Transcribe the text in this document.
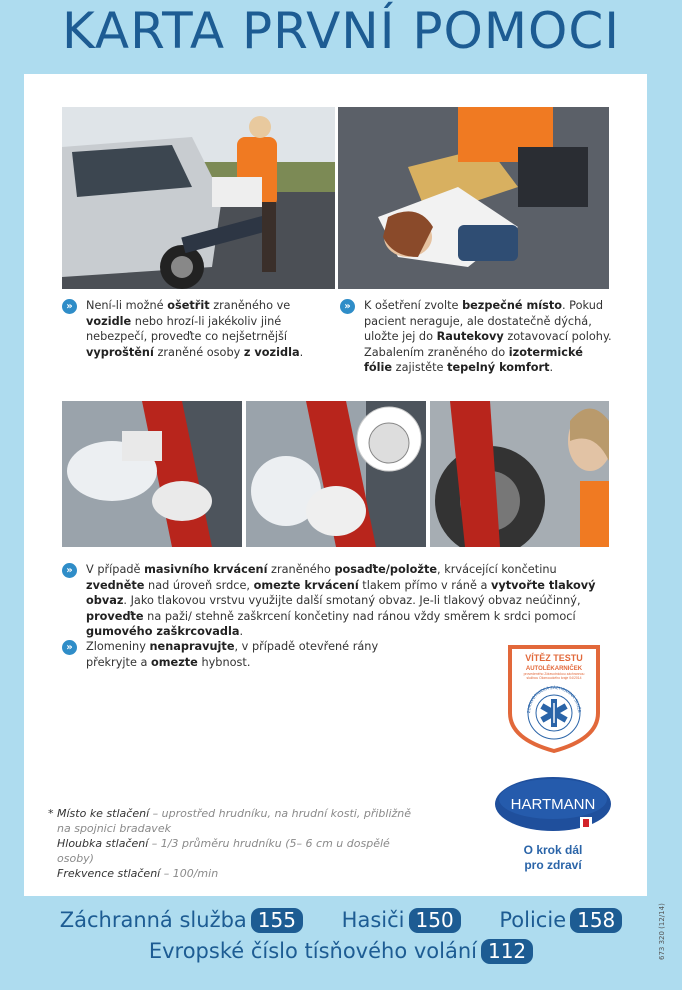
KARTA PRVNÍ POMOCI
»	Není-li možné ošetřit zraněného ve vozidle nebo hrozí-li jakékoliv jiné nebezpečí, proveďte co nejšetrnější vyproštění zraněné osoby z vozidla.
»	K ošetření zvolte bezpečné místo. Pokud pacient neraguje, ale dostatečně dýchá, uložte jej do Rautekovy zotavovací polohy. Zabalením zraněného do izotermické fólie zajistěte tepelný komfort.
»	V případě masivního krvácení zraněného posaďte/položte, krvácející končetinu zvedněte nad úroveň srdce, omezte krvácení tlakem přímo v ráně a vytvořte tlakový obvaz. Jako tlakovou vrstvu využijte další smotaný obvaz. Je-li tlakový obvaz neúčinný, proveďte na paži/ stehně zaškrcení končetiny nad ránou vždy směrem k srdci pomocí gumového zaškrcovadla.
»	Zlomeniny nenapravujte, v případě otevřené rány překryjte a omezte hybnost.	VÍTĚZ TESTU
AUTOLÉKARNIČEK
provedeného Zdravotnickou záchrannou službou Olomouckého kraje 04/2014
ZDRAVOTNICKÁ ZÁCHRANNÁ SLUŽB
* Místo ke stlačení – uprostřed hrudníku, na hrudní kosti, přibližně
na spojnici bradavek
Hloubka stlačení – 1/3 průměru hrudníku (5– 6 cm u dospělé osoby)
Frekvence stlačení – 100/min
HARTMANN
O krok dál
pro zdraví
Záchranná služba 155 Hasiči 150 Policie 158
Evropské číslo tísňového volání 112	673 320 (12/14)
